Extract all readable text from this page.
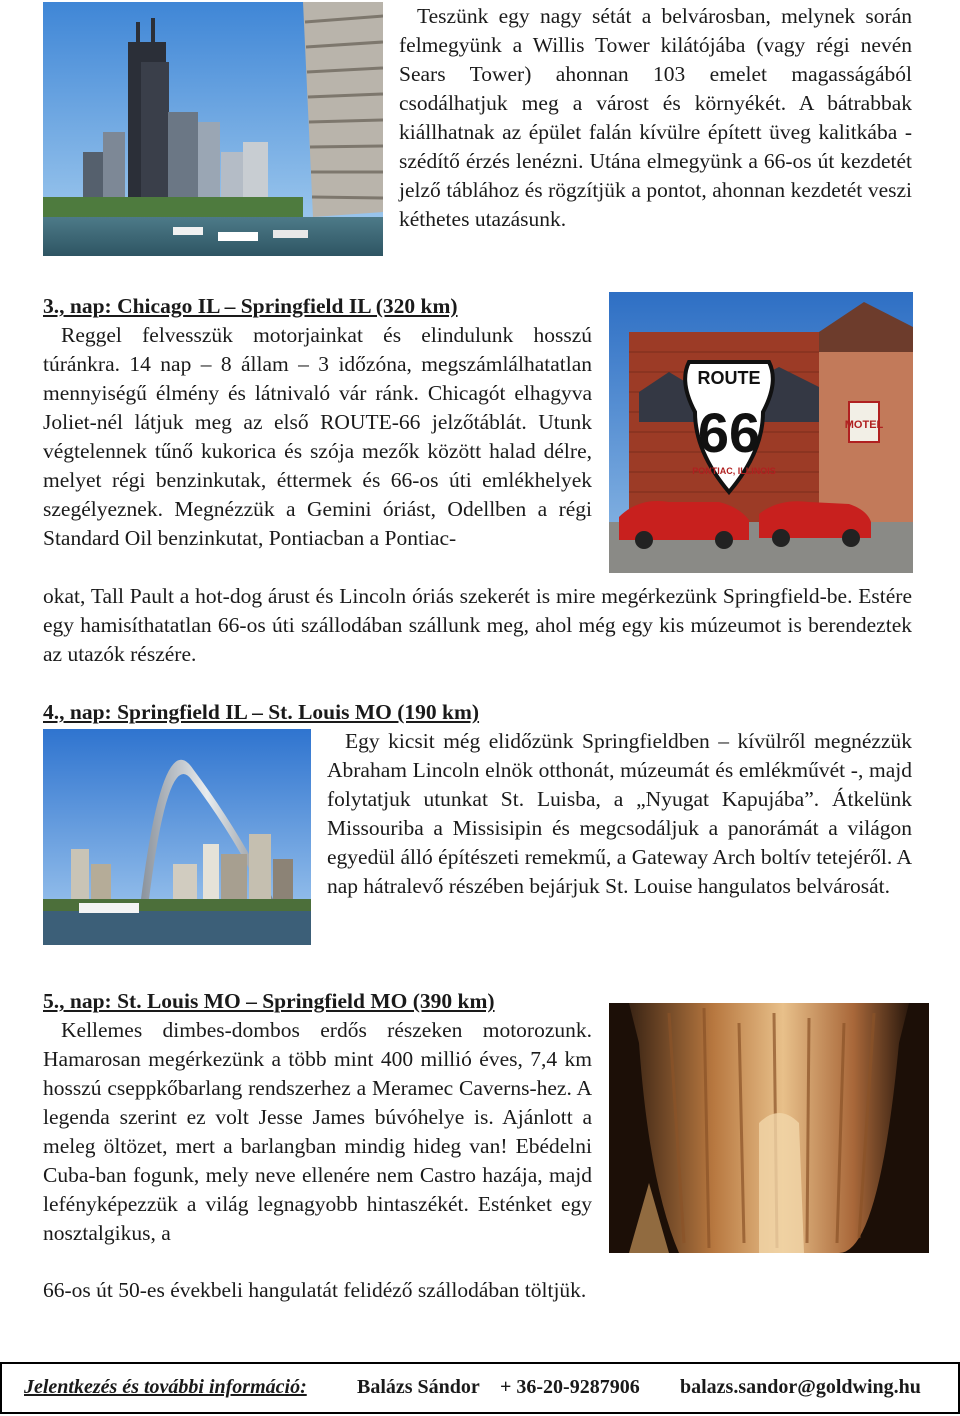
Teszünk egy nagy sétát a belvárosban, melynek során felmegyünk a Willis Tower kilátójába (vagy régi nevén Sears Tower) ahonnan 103 emelet magasságából csodálhatjuk meg a várost és környékét. A bátrabbak kiállhatnak az épület falán kívülre épített üveg kalitkába - szédítő érzés lenézni. Utána elmegyünk a 66-os út kezdetét jelző táblához és rögzítjük a pontot, ahonnan kezdetét veszi kéthetes utazásunk.
3., nap: Chicago IL – Springfield IL (320 km)
MOTEL
ROUTE
66
PONTIAC, ILLINOIS
Reggel felvesszük motorjainkat és elindulunk hosszú túránkra. 14 nap – 8 állam – 3 időzóna, megszámlálhatatlan mennyiségű élmény és látnivaló vár ránk. Chicagót elhagyva Joliet-nél látjuk meg az első ROUTE-66 jelzőtáblát. Utunk végtelennek tűnő kukorica és szója mezők között halad délre, melyet régi benzinkutak, éttermek és 66-os úti emlékhelyek szegélyeznek. Megnézzük a Gemini óriást, Odellben a régi Standard Oil benzinkutat, Pontiacban a Pontiac-
okat, Tall Pault a hot-dog árust és Lincoln óriás szekerét is mire megérkezünk Springfield-be. Estére egy hamisíthatatlan 66-os úti szállodában szállunk meg, ahol még egy kis múzeumot is berendeztek az utazók részére.
4., nap: Springfield IL – St. Louis MO (190 km)
Egy kicsit még elidőzünk Springfieldben – kívülről megnézzük Abraham Lincoln elnök otthonát, múzeumát és emlékművét -, majd folytatjuk utunkat St. Luisba, a „Nyugat Kapujába”. Átkelünk Missouriba a Missisipin és megcsodáljuk a panorámát a világon egyedül álló építészeti remekmű, a Gateway Arch boltív tetejéről. A nap hátralevő részében bejárjuk St. Louise hangulatos belvárosát.
5., nap: St. Louis MO – Springfield MO (390 km)
Kellemes dimbes-dombos erdős részeken motorozunk. Hamarosan megérkezünk a több mint 400 millió éves, 7,4 km hosszú cseppkőbarlang rendszerhez a Meramec Caverns-hez. A legenda szerint ez volt Jesse James búvóhelye is. Ajánlott a meleg öltözet, mert a barlangban mindig hideg van! Ebédelni Cuba-ban fogunk, mely neve ellenére nem Castro hazája, majd lefényképezzük a világ legnagyobb hintaszékét. Esténket egy nosztalgikus, a
66-os út 50-es évekbeli hangulatát felidéző szállodában töltjük.
Jelentkezés és további információ:	Balázs Sándor + 36-20-9287906 balazs.sandor@goldwing.hu
